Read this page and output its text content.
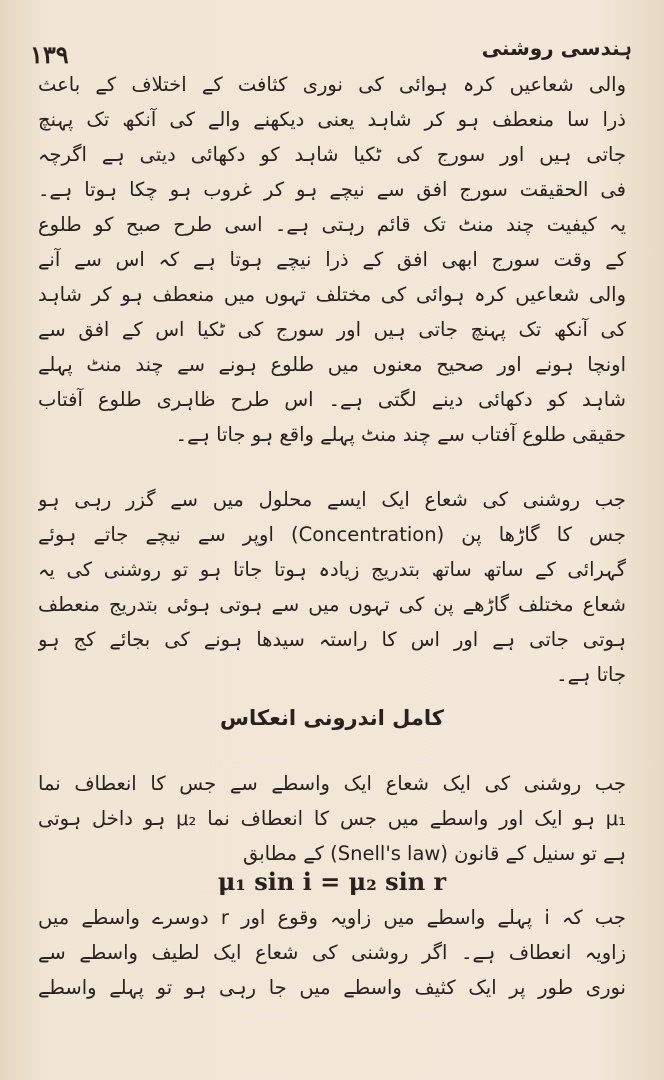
١٣٩	ہندسی روشنی
والی شعاعیں کرہ ہوائی کی نوری کثافت کے اختلاف کے باعث
ذرا سا منعطف ہو کر شاہد یعنی دیکھنے والے کی آنکھ تک پہنچ
جاتی ہیں اور سورج کی ٹکیا شاہد کو دکھائی دیتی ہے اگرچہ
فی الحقیقت سورج افق سے نیچے ہو کر غروب ہو چکا ہوتا ہے۔
یہ کیفیت چند منٹ تک قائم رہتی ہے۔ اسی طرح صبح کو طلوع
کے وقت سورج ابھی افق کے ذرا نیچے ہوتا ہے کہ اس سے آنے
والی شعاعیں کرہ ہوائی کی مختلف تہوں میں منعطف ہو کر شاہد
کی آنکھ تک پہنچ جاتی ہیں اور سورج کی ٹکیا اس کے افق سے
اونچا ہونے اور صحیح معنوں میں طلوع ہونے سے چند منٹ پہلے
شاہد کو دکھائی دینے لگتی ہے۔ اس طرح ظاہری طلوع آفتاب
حقیقی طلوع آفتاب سے چند منٹ پہلے واقع ہو جاتا ہے۔
جب روشنی کی شعاع ایک ایسے محلول میں سے گزر رہی ہو
جس کا گاڑھا پن (Concentration) اوپر سے نیچے جاتے ہوئے
گہرائی کے ساتھ ساتھ بتدریج زیادہ ہوتا جاتا ہو تو روشنی کی یہ
شعاع مختلف گاڑھے پن کی تہوں میں سے ہوتی ہوئی بتدریج منعطف
ہوتی جاتی ہے اور اس کا راستہ سیدھا ہونے کی بجائے کج ہو
جاتا ہے۔
کامل اندرونی انعکاس
جب روشنی کی ایک شعاع ایک واسطے سے جس کا انعطاف نما
μ₁ ہو ایک اور واسطے میں جس کا انعطاف نما μ₂ ہو داخل ہوتی
ہے تو سنیل کے قانون (Snell's law) کے مطابق
μ₁ sin i = μ₂ sin r
جب کہ i پہلے واسطے میں زاویہ وقوع اور r دوسرے واسطے میں
زاویہ انعطاف ہے۔ اگر روشنی کی شعاع ایک لطیف واسطے سے
نوری طور پر ایک کثیف واسطے میں جا رہی ہو تو پہلے واسطے
